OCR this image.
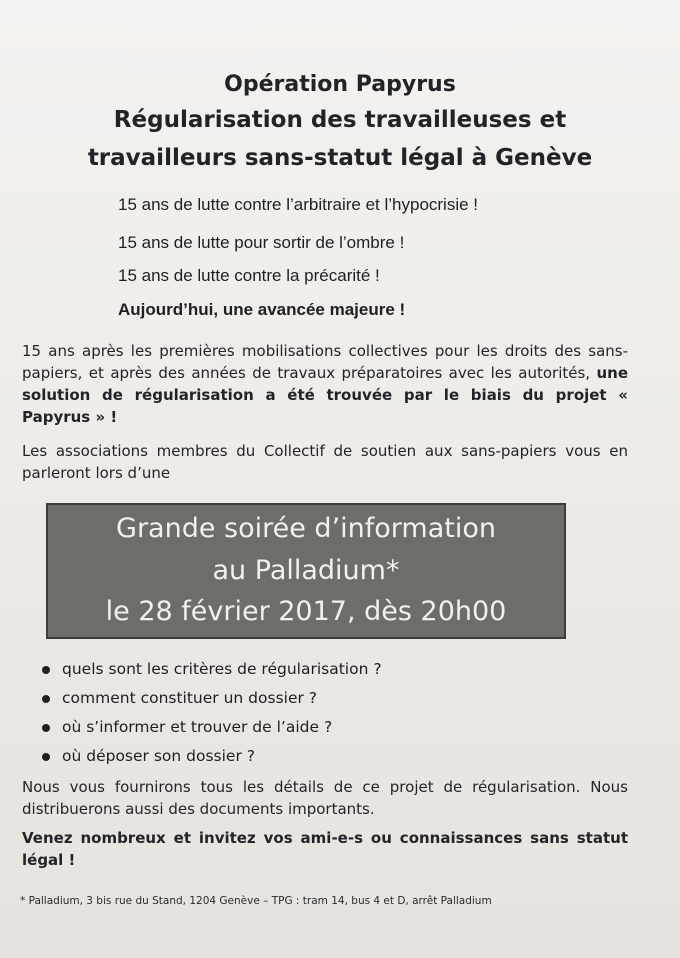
Opération Papyrus
Régularisation des travailleuses et
travailleurs sans-statut légal à Genève
15 ans de lutte contre l’arbitraire et l’hypocrisie !
15 ans de lutte pour sortir de l’ombre !
15 ans de lutte contre la précarité !
Aujourd’hui, une avancée majeure !
15 ans après les premières mobilisations collectives pour les droits des sans-papiers, et après des années de travaux préparatoires avec les autorités, une solution de régularisation a été trouvée par le biais du projet « Papyrus » !
Les associations membres du Collectif de soutien aux sans-papiers vous en parleront lors d’une
Grande soirée d’information
au Palladium*
le 28 février 2017, dès 20h00
quels sont les critères de régularisation ?
comment constituer un dossier ?
où s’informer et trouver de l’aide ?
où déposer son dossier ?
Nous vous fournirons tous les détails de ce projet de régularisation. Nous distribuerons aussi des documents importants.
Venez nombreux et invitez vos ami-e-s ou connaissances sans statut légal !
* Palladium, 3 bis rue du Stand, 1204 Genève – TPG : tram 14, bus 4 et D, arrêt Palladium
